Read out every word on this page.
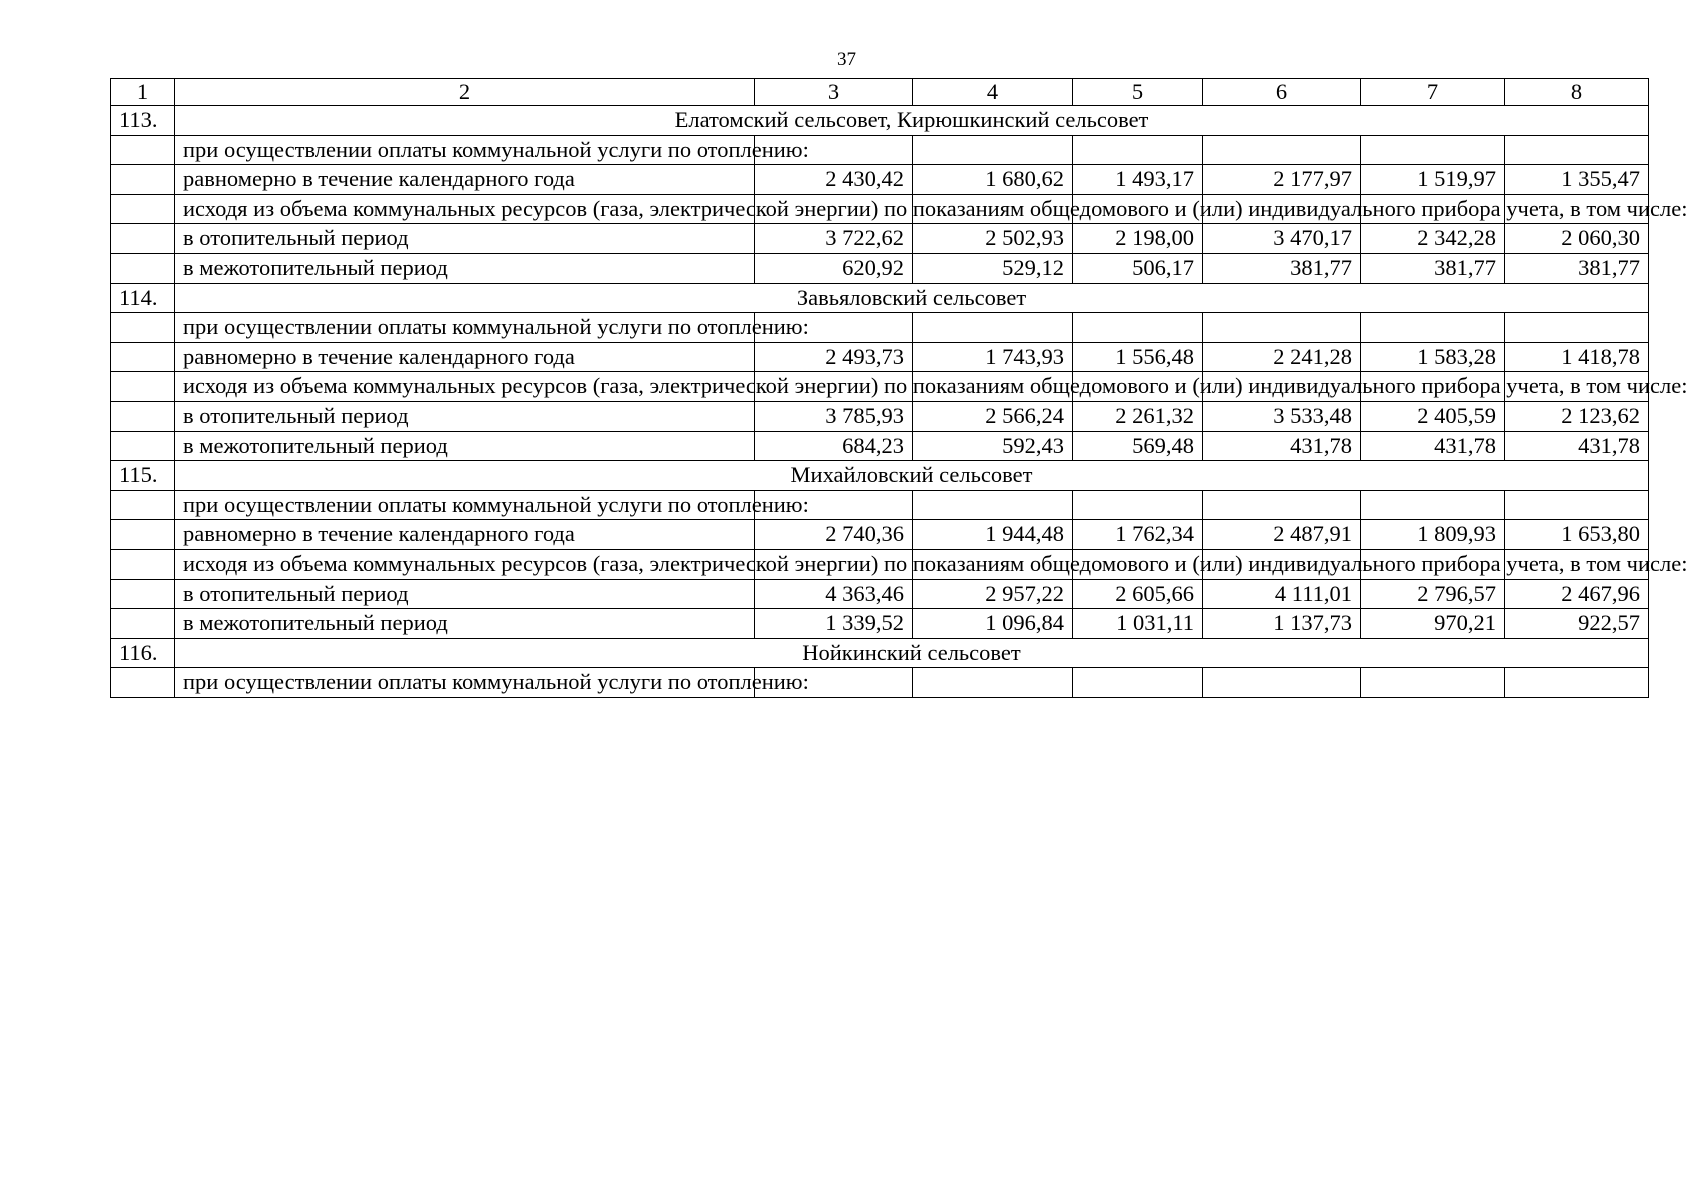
37
1	2	3	4	5	6	7	8
113.	Елатомский сельсовет, Кирюшкинский сельсовет						
	при осуществлении оплаты коммунальной услуги по отоплению:						
	равномерно в течение календарного года	2 430,42	1 680,62	1 493,17	2 177,97	1 519,97	1 355,47
	исходя из объема коммунальных ресурсов (газа, электрической энергии) по показаниям общедомового и (или) индивидуального прибора учета, в том числе:						
	в отопительный период	3 722,62	2 502,93	2 198,00	3 470,17	2 342,28	2 060,30
	в межотопительный период	620,92	529,12	506,17	381,77	381,77	381,77
114.	Завьяловский сельсовет						
	при осуществлении оплаты коммунальной услуги по отоплению:						
	равномерно в течение календарного года	2 493,73	1 743,93	1 556,48	2 241,28	1 583,28	1 418,78
	исходя из объема коммунальных ресурсов (газа, электрической энергии) по показаниям общедомового и (или) индивидуального прибора учета, в том числе:						
	в отопительный период	3 785,93	2 566,24	2 261,32	3 533,48	2 405,59	2 123,62
	в межотопительный период	684,23	592,43	569,48	431,78	431,78	431,78
115.	Михайловский сельсовет						
	при осуществлении оплаты коммунальной услуги по отоплению:						
	равномерно в течение календарного года	2 740,36	1 944,48	1 762,34	2 487,91	1 809,93	1 653,80
	исходя из объема коммунальных ресурсов (газа, электрической энергии) по показаниям общедомового и (или) индивидуального прибора учета, в том числе:						
	в отопительный период	4 363,46	2 957,22	2 605,66	4 111,01	2 796,57	2 467,96
	в межотопительный период	1 339,52	1 096,84	1 031,11	1 137,73	970,21	922,57
116.	Нойкинский сельсовет						
	при осуществлении оплаты коммунальной услуги по отоплению:						
